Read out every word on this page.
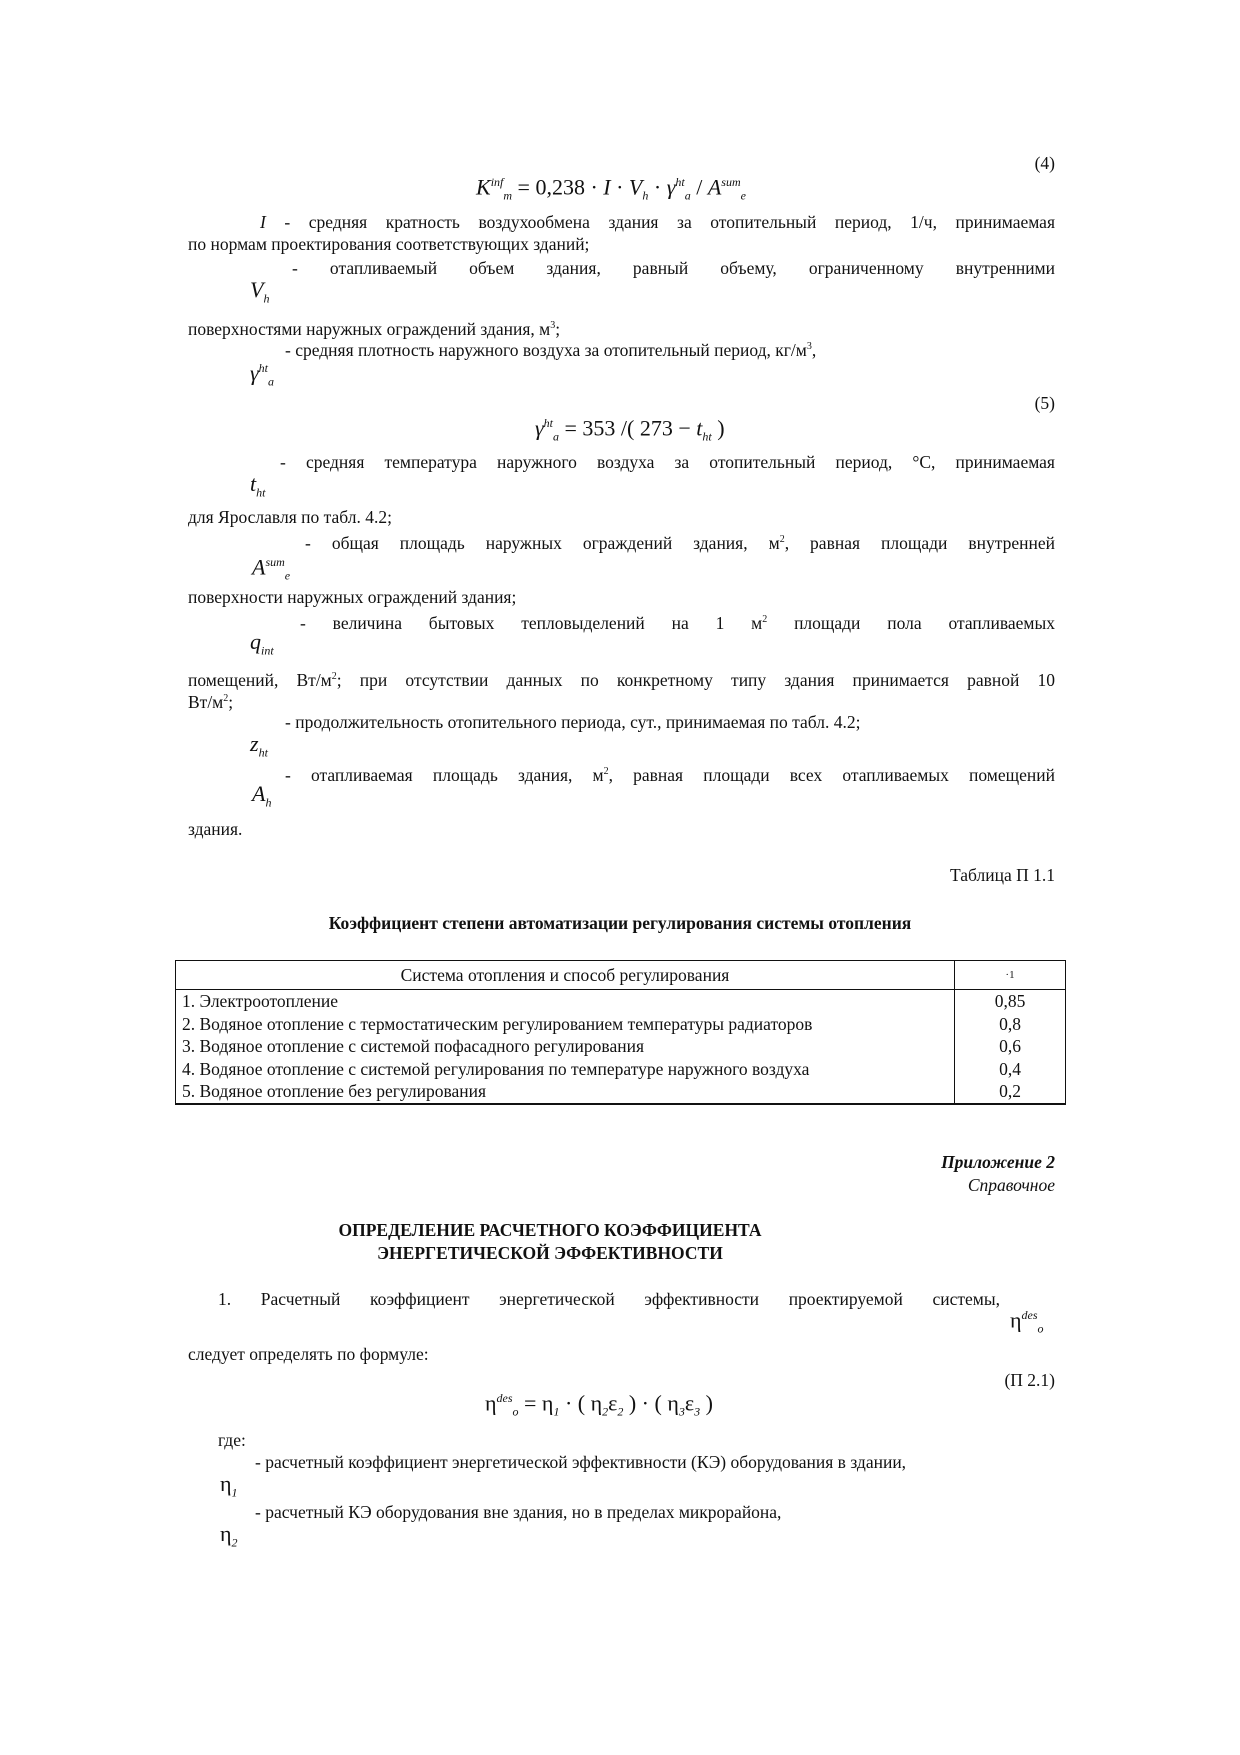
(4)
$K^{inf}_m = 0,238 \cdot I \cdot V_h \cdot \gamma^{ht}_a / A^{sum}_e$
I - средняя кратность воздухообмена здания за отопительный период, 1/ч, принимаемая
по нормам проектирования соответствующих зданий;
- отапливаемый объем здания, равный объему, ограниченному внутренними
$V_h$
поверхностями наружных ограждений здания, $м^3$;
- средняя плотность наружного воздуха за отопительный период, $кг/м^3$,
$\gamma^{ht}_a$
(5)
$\gamma^{ht}_a = 353$ /( $273 - t_{ht}$ )
- средняя температура наружного воздуха за отопительный период, °С, принимаемая
$t_{ht}$
для Ярославля по табл. 4.2;
- общая площадь наружных ограждений здания, $м^2$, равная площади внутренней
$A^{sum}_e$
поверхности наружных ограждений здания;
- величина бытовых тепловыделений на 1 $м^2$ площади пола отапливаемых
$q_{int}$
помещений, $Вт/м^2$; при отсутствии данных по конкретному типу здания принимается равной 10
$Вт/м^2$;
- продолжительность отопительного периода, сут., принимаемая по табл. 4.2;
$z_{ht}$
- отапливаемая площадь здания, $м^2$, равная площади всех отапливаемых помещений
$A_h$
здания.
Таблица П 1.1
Коэффициент степени автоматизации регулирования системы отопления
Система отопления и способ регулирования	·1
1. Электроотопление	0,85
2. Водяное отопление с термостатическим регулированием температуры радиаторов	0,8
3. Водяное отопление с системой пофасадного регулирования	0,6
4. Водяное отопление с системой регулирования по температуре наружного воздуха	0,4
5. Водяное отопление без регулирования	0,2
Приложение 2
Справочное
ОПРЕДЕЛЕНИЕ РАСЧЕТНОГО КОЭФФИЦИЕНТА
ЭНЕРГЕТИЧЕСКОЙ ЭФФЕКТИВНОСТИ
1. Расчетный коэффициент энергетической эффективности проектируемой системы,
$\eta^{des}_o$
следует определять по формуле:
(П 2.1)
$\eta^{des}_o = \eta_1$ · ( $\eta_2\varepsilon_2$ ) · ( $\eta_3\varepsilon_3$ )
где:
- расчетный коэффициент энергетической эффективности (КЭ) оборудования в здании,
$\eta_1$
- расчетный КЭ оборудования вне здания, но в пределах микрорайона,
$\eta_2$
